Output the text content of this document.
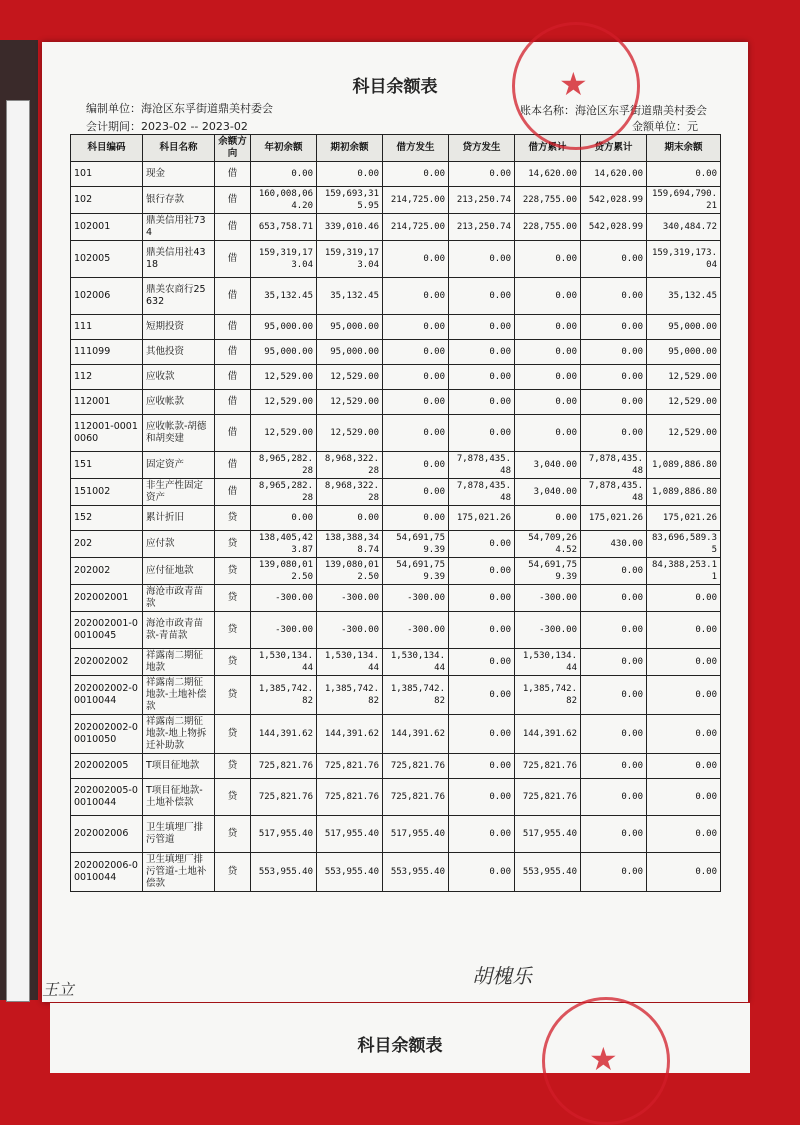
科目余额表
编制单位：海沧区东孚街道鼎美村委会
会计期间：2023-02 -- 2023-02
账本名称：海沧区东孚街道鼎美村委会
金额单位：元
科目编码	科目名称	余额方向	年初余额	期初余额	借方发生	贷方发生	借方累计	贷方累计	期末余额
101	现金	借	0.00	0.00	0.00	0.00	14,620.00	14,620.00	0.00
102	银行存款	借	160,008,064.20	159,693,315.95	214,725.00	213,250.74	228,755.00	542,028.99	159,694,790.21
102001	鼎美信用社734	借	653,758.71	339,010.46	214,725.00	213,250.74	228,755.00	542,028.99	340,484.72
102005	鼎美信用社4318	借	159,319,173.04	159,319,173.04	0.00	0.00	0.00	0.00	159,319,173.04
102006	鼎美农商行25632	借	35,132.45	35,132.45	0.00	0.00	0.00	0.00	35,132.45
111	短期投资	借	95,000.00	95,000.00	0.00	0.00	0.00	0.00	95,000.00
111099	其他投资	借	95,000.00	95,000.00	0.00	0.00	0.00	0.00	95,000.00
112	应收款	借	12,529.00	12,529.00	0.00	0.00	0.00	0.00	12,529.00
112001	应收帐款	借	12,529.00	12,529.00	0.00	0.00	0.00	0.00	12,529.00
112001-00010060	应收帐款-胡德和胡奕建	借	12,529.00	12,529.00	0.00	0.00	0.00	0.00	12,529.00
151	固定资产	借	8,965,282.28	8,968,322.28	0.00	7,878,435.48	3,040.00	7,878,435.48	1,089,886.80
151002	非生产性固定资产	借	8,965,282.28	8,968,322.28	0.00	7,878,435.48	3,040.00	7,878,435.48	1,089,886.80
152	累计折旧	贷	0.00	0.00	0.00	175,021.26	0.00	175,021.26	175,021.26
202	应付款	贷	138,405,423.87	138,388,348.74	54,691,759.39	0.00	54,709,264.52	430.00	83,696,589.35
202002	应付征地款	贷	139,080,012.50	139,080,012.50	54,691,759.39	0.00	54,691,759.39	0.00	84,388,253.11
202002001	海沧市政青苗款	贷	-300.00	-300.00	-300.00	0.00	-300.00	0.00	0.00
202002001-00010045	海沧市政青苗款-青苗款	贷	-300.00	-300.00	-300.00	0.00	-300.00	0.00	0.00
202002002	祥露南二期征地款	贷	1,530,134.44	1,530,134.44	1,530,134.44	0.00	1,530,134.44	0.00	0.00
202002002-00010044	祥露南二期征地款-土地补偿款	贷	1,385,742.82	1,385,742.82	1,385,742.82	0.00	1,385,742.82	0.00	0.00
202002002-00010050	祥露南二期征地款-地上物拆迁补助款	贷	144,391.62	144,391.62	144,391.62	0.00	144,391.62	0.00	0.00
202002005	T项目征地款	贷	725,821.76	725,821.76	725,821.76	0.00	725,821.76	0.00	0.00
202002005-00010044	T项目征地款-土地补偿款	贷	725,821.76	725,821.76	725,821.76	0.00	725,821.76	0.00	0.00
202002006	卫生填埋厂排污管道	贷	517,955.40	517,955.40	517,955.40	0.00	517,955.40	0.00	0.00
202002006-00010044	卫生填埋厂排污管道-土地补偿款	贷	553,955.40	553,955.40	553,955.40	0.00	553,955.40	0.00	0.00
★
王立
胡槐乐
科目余额表	★
